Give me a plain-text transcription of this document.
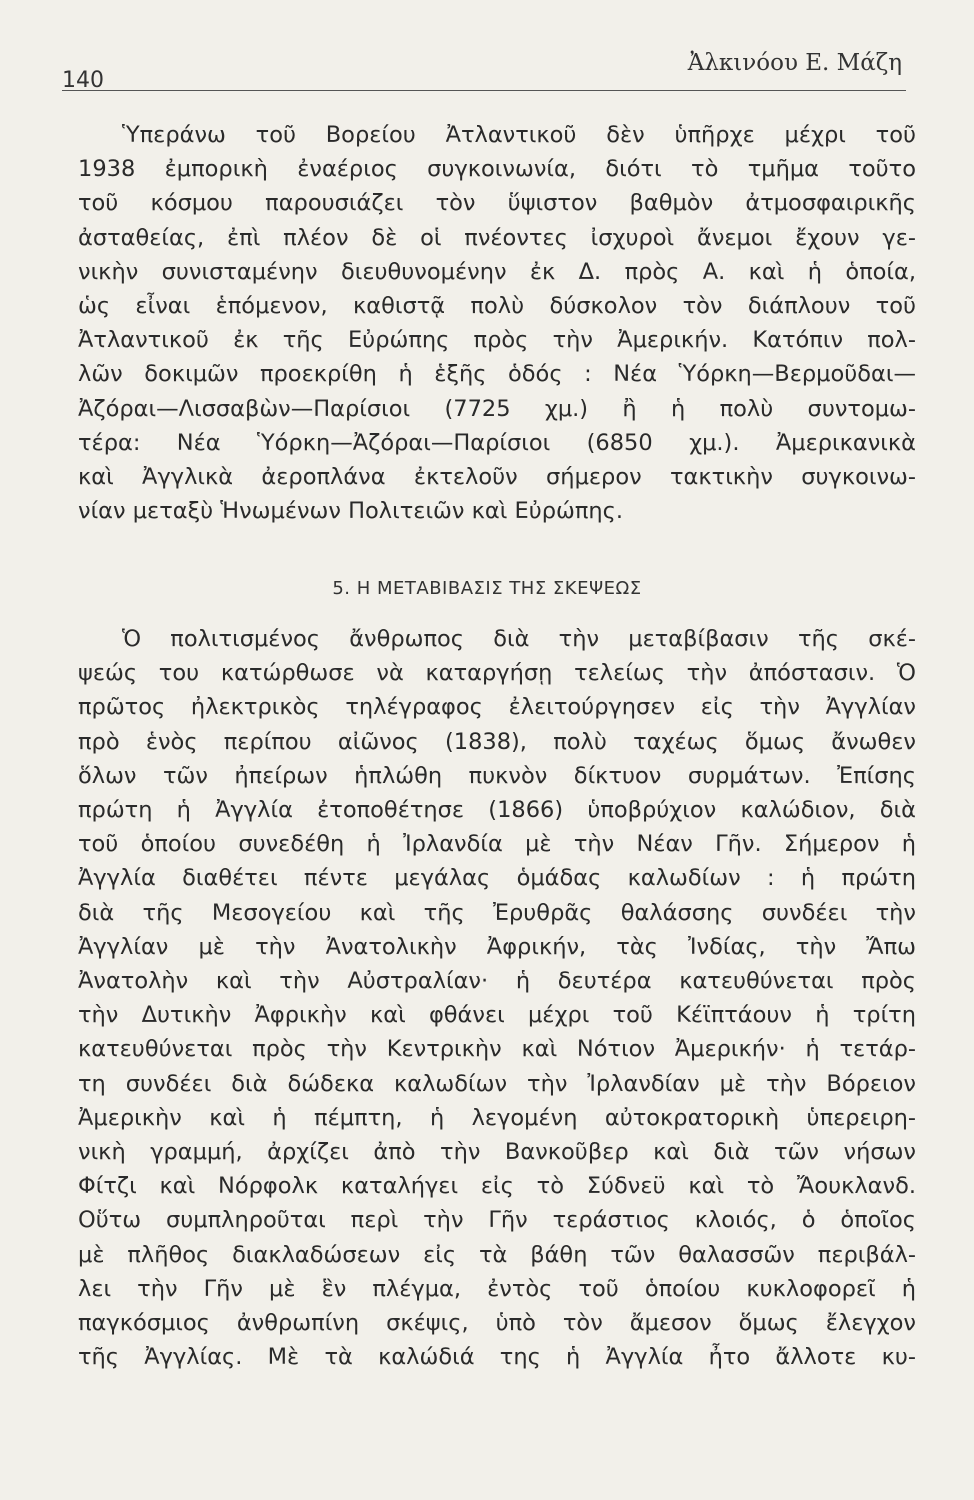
140
Ἀλκινόου Ε. Μάζη
Ὑπεράνω τοῦ Βορείου Ἀτλαντικοῦ δὲν ὑπῆρχε μέχρι τοῦ
1938 ἐμπορικὴ ἐναέριος συγκοινωνία, διότι τὸ τμῆμα τοῦτο
τοῦ κόσμου παρουσιάζει τὸν ὕψιστον βαθμὸν ἀτμοσφαιρικῆς
ἀσταθείας, ἐπὶ πλέον δὲ οἱ πνέοντες ἰσχυροὶ ἄνεμοι ἔχουν γε-
νικὴν συνισταμένην διευθυνομένην ἐκ Δ. πρὸς Α. καὶ ἡ ὁποία,
ὡς εἶναι ἑπόμενον, καθιστᾷ πολὺ δύσκολον τὸν διάπλουν τοῦ
Ἀτλαντικοῦ ἐκ τῆς Εὐρώπης πρὸς τὴν Ἀμερικήν. Κατόπιν πολ-
λῶν δοκιμῶν προεκρίθη ἡ ἑξῆς ὁδός : Νέα Ὑόρκη—Βερμοῦδαι—
Ἀζόραι—Λισσαβὼν—Παρίσιοι (7725 χμ.) ἢ ἡ πολὺ συντομω-
τέρα: Νέα Ὑόρκη—Ἀζόραι—Παρίσιοι (6850 χμ.). Ἀμερικανικὰ
καὶ Ἀγγλικὰ ἀεροπλάνα ἐκτελοῦν σήμερον τακτικὴν συγκοινω-
νίαν μεταξὺ Ἡνωμένων Πολιτειῶν καὶ Εὐρώπης.
5. Η ΜΕΤΑΒΙΒΑΣΙΣ ΤΗΣ ΣΚΕΨΕΩΣ
Ὁ πολιτισμένος ἄνθρωπος διὰ τὴν μεταβίβασιν τῆς σκέ-
ψεώς του κατώρθωσε νὰ καταργήσῃ τελείως τὴν ἀπόστασιν. Ὁ
πρῶτος ἠλεκτρικὸς τηλέγραφος ἐλειτούργησεν εἰς τὴν Ἀγγλίαν
πρὸ ἑνὸς περίπου αἰῶνος (1838), πολὺ ταχέως ὅμως ἄνωθεν
ὅλων τῶν ἠπείρων ἡπλώθη πυκνὸν δίκτυον συρμάτων. Ἐπίσης
πρώτη ἡ Ἀγγλία ἐτοποθέτησε (1866) ὑποβρύχιον καλώδιον, διὰ
τοῦ ὁποίου συνεδέθη ἡ Ἰρλανδία μὲ τὴν Νέαν Γῆν. Σήμερον ἡ
Ἀγγλία διαθέτει πέντε μεγάλας ὁμάδας καλωδίων : ἡ πρώτη
διὰ τῆς Μεσογείου καὶ τῆς Ἐρυθρᾶς θαλάσσης συνδέει τὴν
Ἀγγλίαν μὲ τὴν Ἀνατολικὴν Ἀφρικήν, τὰς Ἰνδίας, τὴν Ἄπω
Ἀνατολὴν καὶ τὴν Αὐστραλίαν· ἡ δευτέρα κατευθύνεται πρὸς
τὴν Δυτικὴν Ἀφρικὴν καὶ φθάνει μέχρι τοῦ Κέϊπτάουν ἡ τρίτη
κατευθύνεται πρὸς τὴν Κεντρικὴν καὶ Νότιον Ἀμερικήν· ἡ τετάρ-
τη συνδέει διὰ δώδεκα καλωδίων τὴν Ἰρλανδίαν μὲ τὴν Βόρειον
Ἀμερικὴν καὶ ἡ πέμπτη, ἡ λεγομένη αὐτοκρατορικὴ ὑπερειρη-
νικὴ γραμμή, ἀρχίζει ἀπὸ τὴν Βανκοῦβερ καὶ διὰ τῶν νήσων
Φίτζι καὶ Νόρφολκ καταλήγει εἰς τὸ Σύδνεϋ καὶ τὸ Ἄουκλανδ.
Οὕτω συμπληροῦται περὶ τὴν Γῆν τεράστιος κλοιός, ὁ ὁποῖος
μὲ πλῆθος διακλαδώσεων εἰς τὰ βάθη τῶν θαλασσῶν περιβάλ-
λει τὴν Γῆν μὲ ἓν πλέγμα, ἐντὸς τοῦ ὁποίου κυκλοφορεῖ ἡ
παγκόσμιος ἀνθρωπίνη σκέψις, ὑπὸ τὸν ἄμεσον ὅμως ἔλεγχον
τῆς Ἀγγλίας. Μὲ τὰ καλώδιά της ἡ Ἀγγλία ἦτο ἄλλοτε κυ-
